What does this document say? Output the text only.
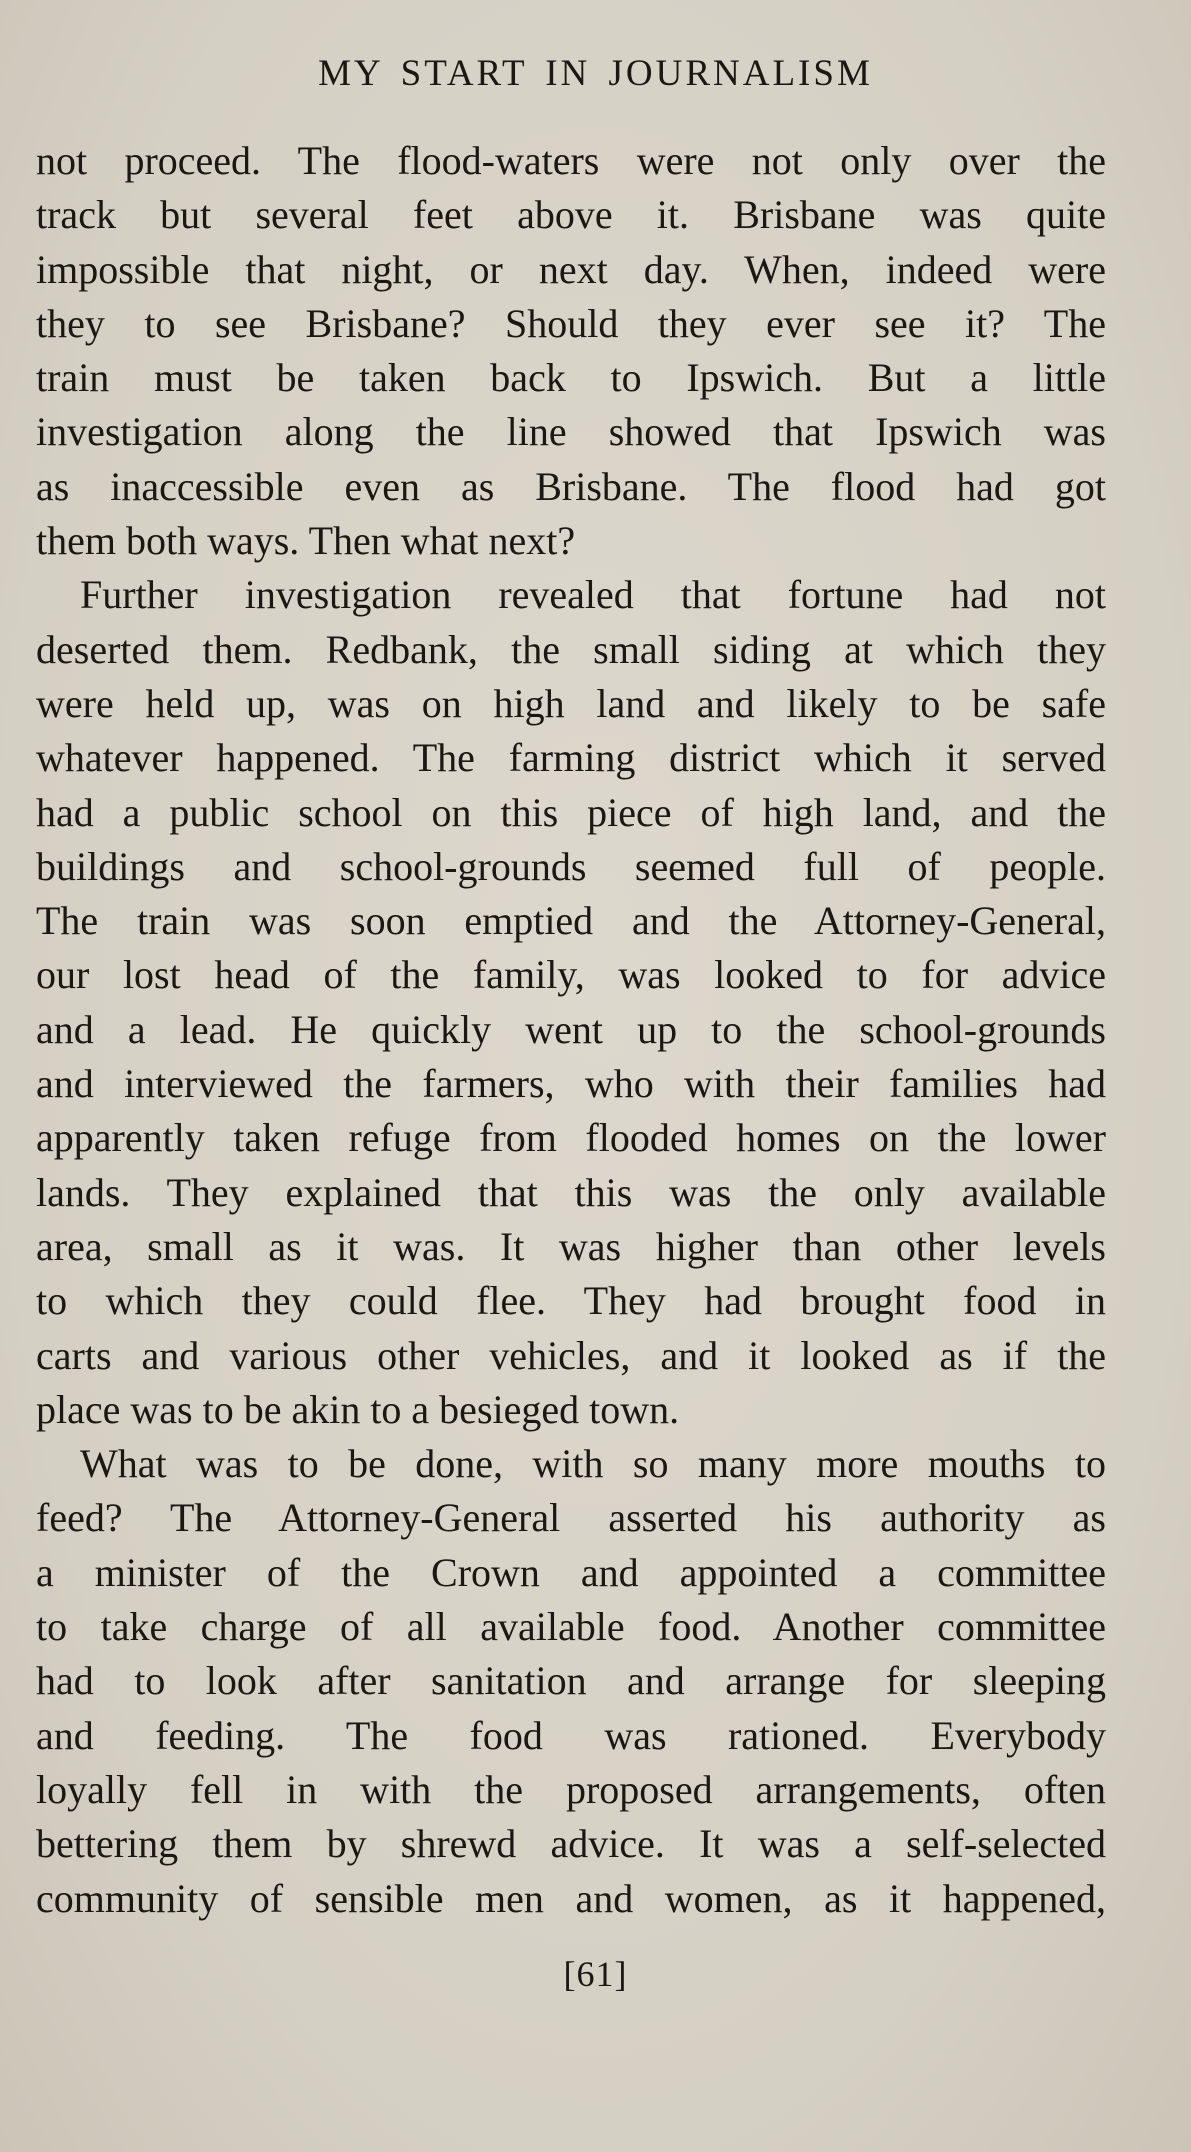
MY START IN JOURNALISM
not proceed. The flood-waters were not only over the
track but several feet above it. Brisbane was quite
impossible that night, or next day. When, indeed were
they to see Brisbane? Should they ever see it? The
train must be taken back to Ipswich. But a little
investigation along the line showed that Ipswich was
as inaccessible even as Brisbane. The flood had got
them both ways. Then what next?
Further investigation revealed that fortune had not
deserted them. Redbank, the small siding at which they
were held up, was on high land and likely to be safe
whatever happened. The farming district which it served
had a public school on this piece of high land, and the
buildings and school-grounds seemed full of people.
The train was soon emptied and the Attorney-General,
our lost head of the family, was looked to for advice
and a lead. He quickly went up to the school-grounds
and interviewed the farmers, who with their families had
apparently taken refuge from flooded homes on the lower
lands. They explained that this was the only available
area, small as it was. It was higher than other levels
to which they could flee. They had brought food in
carts and various other vehicles, and it looked as if the
place was to be akin to a besieged town.
What was to be done, with so many more mouths to
feed? The Attorney-General asserted his authority as
a minister of the Crown and appointed a committee
to take charge of all available food. Another committee
had to look after sanitation and arrange for sleeping
and feeding. The food was rationed. Everybody
loyally fell in with the proposed arrangements, often
bettering them by shrewd advice. It was a self-selected
community of sensible men and women, as it happened,
[61]
